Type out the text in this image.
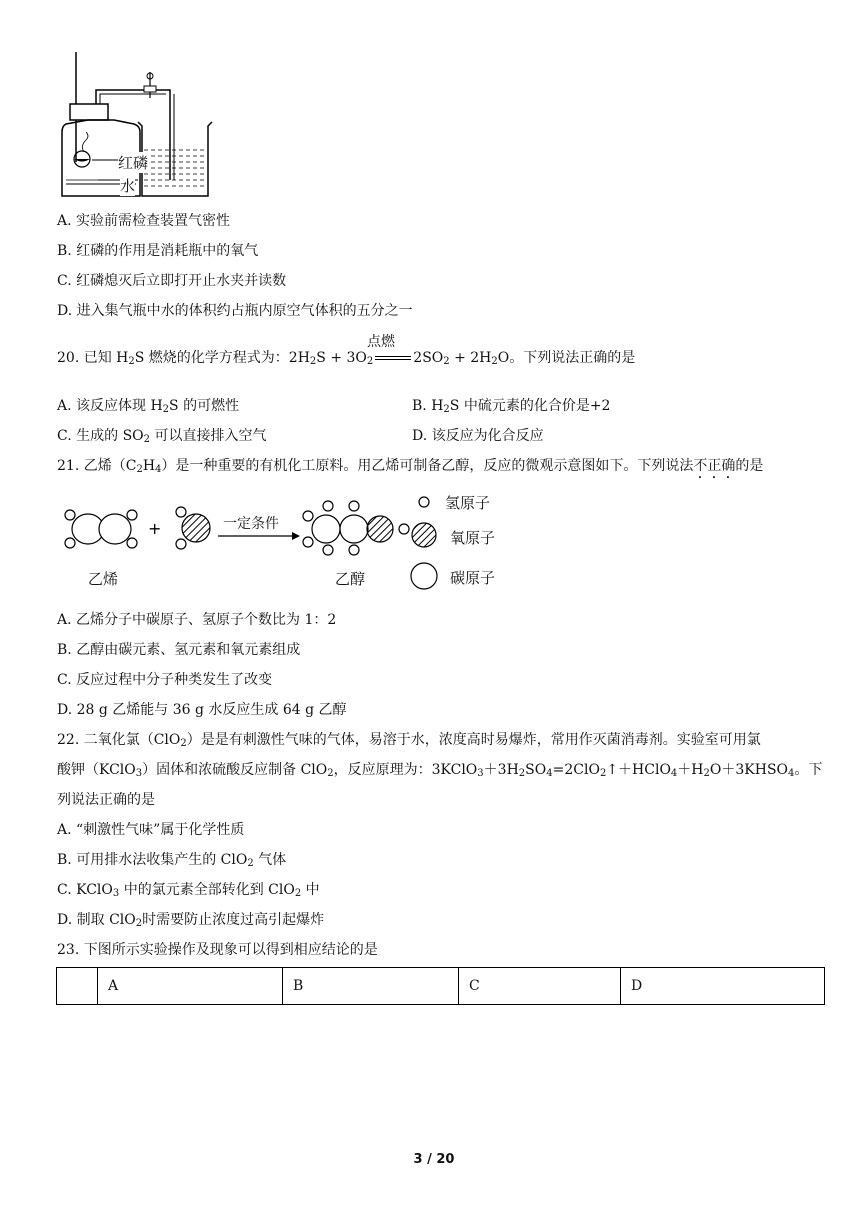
红磷
水
A. 实验前需检查装置气密性
B. 红磷的作用是消耗瓶中的氧气
C. 红磷熄灭后立即打开止水夹并读数
D. 进入集气瓶中水的体积约占瓶内原空气体积的五分之一
20. 已知 $H_2S$ 燃烧的化学方程式为：$2H_2S + 3O_2$	$2SO_2 + 2H_2O$。下列说法正确的是
点燃
A. 该反应体现 $H_2S$ 的可燃性	B. $H_2S$ 中硫元素的化合价是+2
C. 生成的 $SO_2$ 可以直接排入空气	D. 该反应为化合反应
21. 乙烯$(C_2H_4)$是一种重要的有机化工原料。用乙烯可制备乙醇，反应的微观示意图如下。下列说法不正确的是
+	一定条件
氢原子
氧原子
碳原子
乙烯	乙醇
A. 乙烯分子中碳原子、氢原子个数比为 1：2
B. 乙醇由碳元素、氢元素和氧元素组成
C. 反应过程中分子种类发生了改变
D. 28 g 乙烯能与 36 g 水反应生成 64 g 乙醇
22. 二氧化氯（ClO$_2$）是是有刺激性气味的气体，易溶于水，浓度高时易爆炸，常用作灭菌消毒剂。实验室可用氯
酸钾（KClO$_3$）固体和浓硫酸反应制备 ClO$_2$，反应原理为：$3KClO_3+3H_2SO_4=2ClO_2↑+HClO_4+H_2O+3KHSO_4$。下
列说法正确的是
A. “刺激性气味”属于化学性质
B. 可用排水法收集产生的 ClO$_2$ 气体
C. KClO$_3$ 中的氯元素全部转化到 ClO$_2$ 中
D. 制取 ClO$_2$时需要防止浓度过高引起爆炸
23. 下图所示实验操作及现象可以得到相应结论的是
	A	B	C	D
3 / 20
